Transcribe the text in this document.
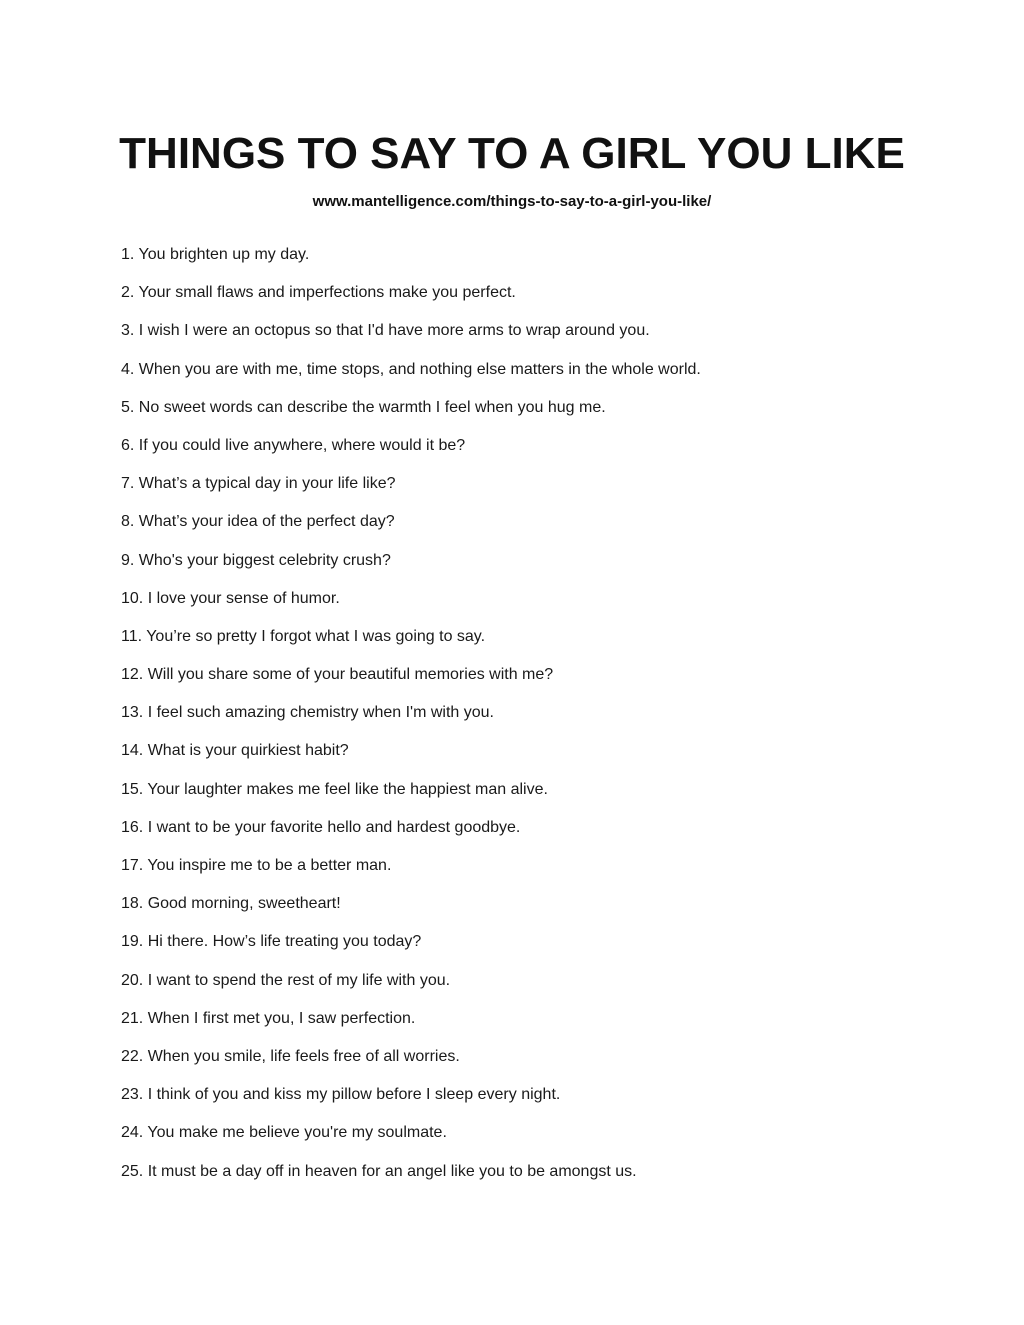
THINGS TO SAY TO A GIRL YOU LIKE
www.mantelligence.com/things-to-say-to-a-girl-you-like/
1. You brighten up my day.
2. Your small flaws and imperfections make you perfect.
3. I wish I were an octopus so that I'd have more arms to wrap around you.
4. When you are with me, time stops, and nothing else matters in the whole world.
5. No sweet words can describe the warmth I feel when you hug me.
6. If you could live anywhere, where would it be?
7. What’s a typical day in your life like?
8. What’s your idea of the perfect day?
9. Who's your biggest celebrity crush?
10. I love your sense of humor.
11. You’re so pretty I forgot what I was going to say.
12. Will you share some of your beautiful memories with me?
13. I feel such amazing chemistry when I'm with you.
14. What is your quirkiest habit?
15. Your laughter makes me feel like the happiest man alive.
16. I want to be your favorite hello and hardest goodbye.
17. You inspire me to be a better man.
18. Good morning, sweetheart!
19. Hi there. How’s life treating you today?
20. I want to spend the rest of my life with you.
21. When I first met you, I saw perfection.
22. When you smile, life feels free of all worries.
23. I think of you and kiss my pillow before I sleep every night.
24. You make me believe you're my soulmate.
25. It must be a day off in heaven for an angel like you to be amongst us.
